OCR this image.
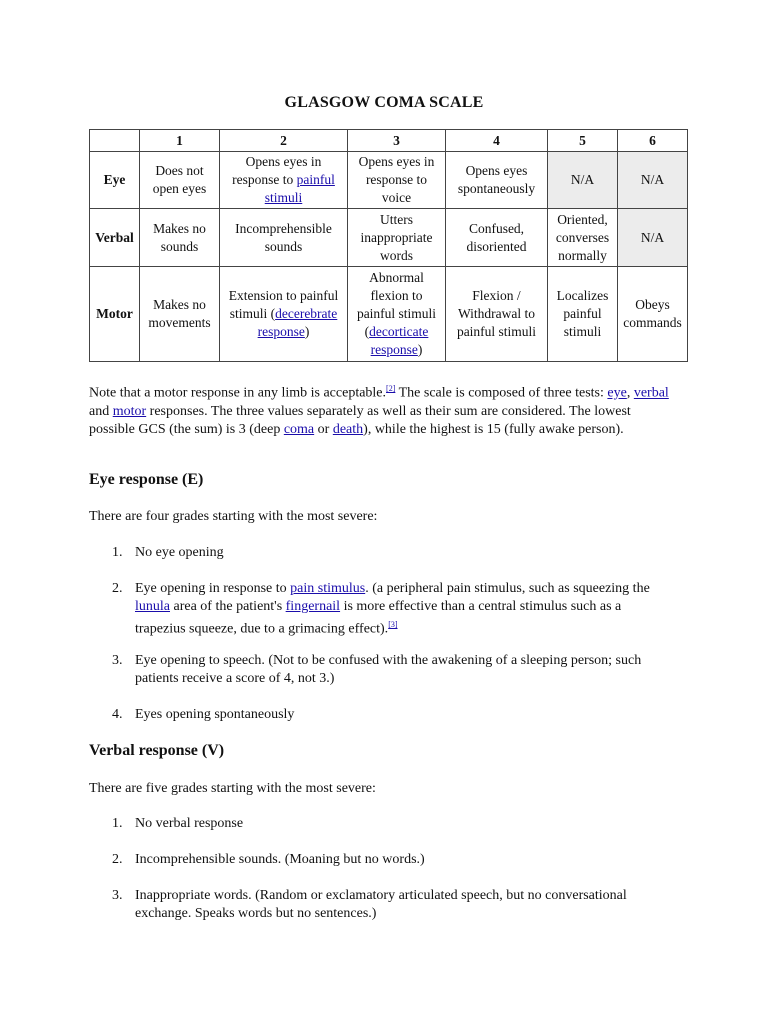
GLASGOW COMA SCALE
	1	2	3	4	5	6
Eye	Does not open eyes	Opens eyes in response to painful stimuli	Opens eyes in response to voice	Opens eyes spontaneously	N/A	N/A
Verbal	Makes no sounds	Incomprehensible sounds	Utters inappropriate words	Confused, disoriented	Oriented, converses normally	N/A
Motor	Makes no movements	Extension to painful stimuli (decerebrate response)	Abnormal flexion to painful stimuli (decorticate response)	Flexion / Withdrawal to painful stimuli	Localizes painful stimuli	Obeys commands
Note that a motor response in any limb is acceptable.[2] The scale is composed of three tests: eye, verbal and motor responses. The three values separately as well as their sum are considered. The lowest possible GCS (the sum) is 3 (deep coma or death), while the highest is 15 (fully awake person).
Eye response (E)
There are four grades starting with the most severe:
1. No eye opening
2. Eye opening in response to pain stimulus. (a peripheral pain stimulus, such as squeezing the lunula area of the patient's fingernail is more effective than a central stimulus such as a trapezius squeeze, due to a grimacing effect).[3]
3. Eye opening to speech. (Not to be confused with the awakening of a sleeping person; such patients receive a score of 4, not 3.)
4. Eyes opening spontaneously
Verbal response (V)
There are five grades starting with the most severe:
1. No verbal response
2. Incomprehensible sounds. (Moaning but no words.)
3. Inappropriate words. (Random or exclamatory articulated speech, but no conversational exchange. Speaks words but no sentences.)
